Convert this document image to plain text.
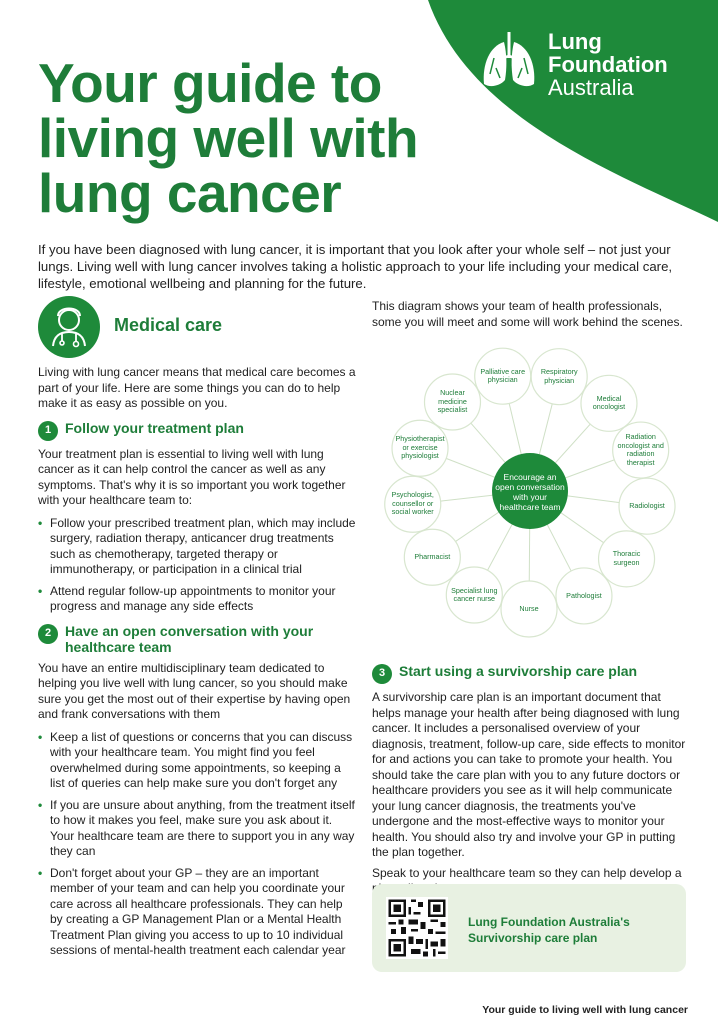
Lung
Foundation
Australia
Your guide to living well with lung cancer

If you have been diagnosed with lung cancer, it is important that you look after your whole self – not just your lungs. Living well with lung cancer involves taking a holistic approach to your life including your medical care, lifestyle, emotional wellbeing and planning for the future.

Medical care

Living with lung cancer means that medical care becomes a part of your life. Here are some things you can do to help make it as easy as possible on you.

1 Follow your treatment plan

Your treatment plan is essential to living well with lung cancer as it can help control the cancer as well as any symptoms. That's why it is so important you work together with your healthcare team to:

• Follow your prescribed treatment plan, which may include surgery, radiation therapy, anticancer drug treatments such as chemotherapy, targeted therapy or immunotherapy, or participation in a clinical trial
• Attend regular follow-up appointments to monitor your progress and manage any side effects
2 Have an open conversation with your healthcare team

You have an entire multidisciplinary team dedicated to helping you live well with lung cancer, so you should make sure you get the most out of their expertise by having open and frank conversations with them

• Keep a list of questions or concerns that you can discuss with your healthcare team. You might find you feel overwhelmed during some appointments, so keeping a list of queries can help make sure you don't forget any
• If you are unsure about anything, from the treatment itself to how it makes you feel, make sure you ask about it. Your healthcare team are there to support you in any way they can
• Don't forget about your GP – they are an important member of your team and can help you coordinate your care across all healthcare professionals. They can help by creating a GP Management Plan or a Mental Health Treatment Plan giving you access to up to 10 individual sessions of mental-health treatment each calendar year

This diagram shows your team of health professionals, some you will meet and some will work behind the scenes.

Respiratory physician
Medical oncologist
Radiation oncologist and radiation therapist
Radiologist
Thoracic surgeon
Pathologist
Nurse
Specialist lung cancer nurse
Pharmacist
Psychologist, counsellor or social worker
Physiotherapist or exercise physiologist
Nuclear medicine specialist
Palliative care physician
Encourage an open conversation with your healthcare team
3 Start using a survivorship care plan

A survivorship care plan is an important document that helps manage your health after being diagnosed with lung cancer. It includes a personalised overview of your diagnosis, treatment, follow-up care, side effects to monitor for and actions you can take to promote your health. You should take the care plan with you to any future doctors or healthcare providers you see as it will help communicate your lung cancer diagnosis, the treatments you've undergone and the most-effective ways to monitor your health. You should also try and involve your GP in putting the plan together.

Speak to your healthcare team so they can help develop a

Lung Foundation Australia's Survivorship care plan
Your guide to living well with lung cancer
